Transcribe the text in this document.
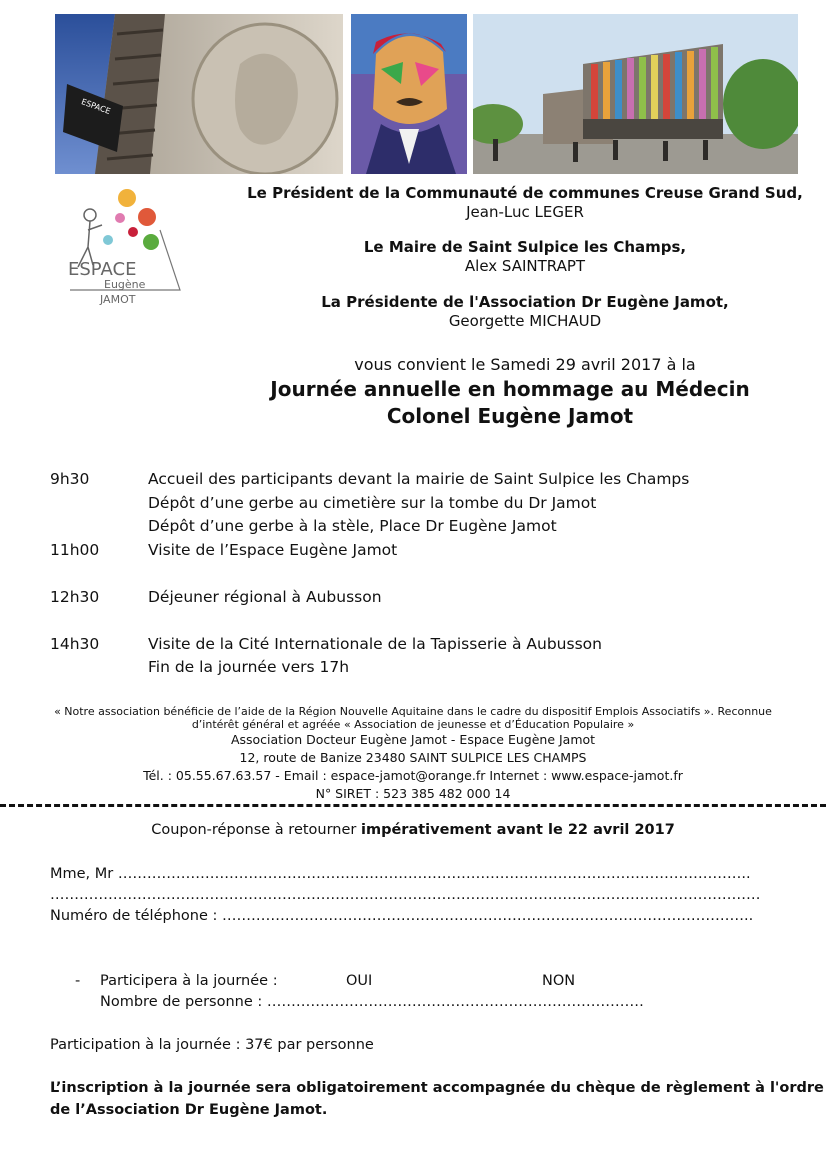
ESPACE
ESPACE
Eugène
JAMOT
Le Président de la Communauté de communes Creuse Grand Sud,
Jean-Luc LEGER
Le Maire de Saint Sulpice les Champs,
Alex SAINTRAPT
La Présidente de l'Association Dr Eugène Jamot,
Georgette MICHAUD
vous convient le Samedi 29 avril 2017 à la
Journée annuelle en hommage au Médecin
Colonel Eugène Jamot
9h30	Accueil des participants devant la mairie de Saint Sulpice les Champs
Dépôt d’une gerbe au cimetière sur la tombe du Dr Jamot
Dépôt d’une gerbe à la stèle, Place Dr Eugène Jamot
11h00	Visite de l’Espace Eugène Jamot
12h30	Déjeuner régional à Aubusson
14h30	Visite de la Cité Internationale de la Tapisserie à Aubusson
Fin de la journée vers 17h
« Notre association bénéficie de l’aide de la Région Nouvelle Aquitaine dans le cadre du dispositif Emplois Associatifs ». Reconnue
d’intérêt général et agréée « Association de jeunesse et d’Éducation Populaire »
Association Docteur Eugène Jamot - Espace Eugène Jamot
12, route de Banize 23480 SAINT SULPICE LES CHAMPS
Tél. : 05.55.67.63.57 - Email : espace-jamot@orange.fr Internet : www.espace-jamot.fr
N° SIRET : 523 385 482 000 14
Coupon-réponse à retourner impérativement avant le 22 avril 2017
Mme, Mr …………………………………………………………………………………………………………………..
…………………………………………………………………………………………………………………………………
Numéro de téléphone : ………………………………………………………………………………………………..
- Participera à la journée :	OUI	NON
Nombre de personne : ……………………………………………………………………
Participation à la journée : 37€ par personne
L’inscription à la journée sera obligatoirement accompagnée du chèque de règlement à l'ordre
de l’Association Dr Eugène Jamot.
